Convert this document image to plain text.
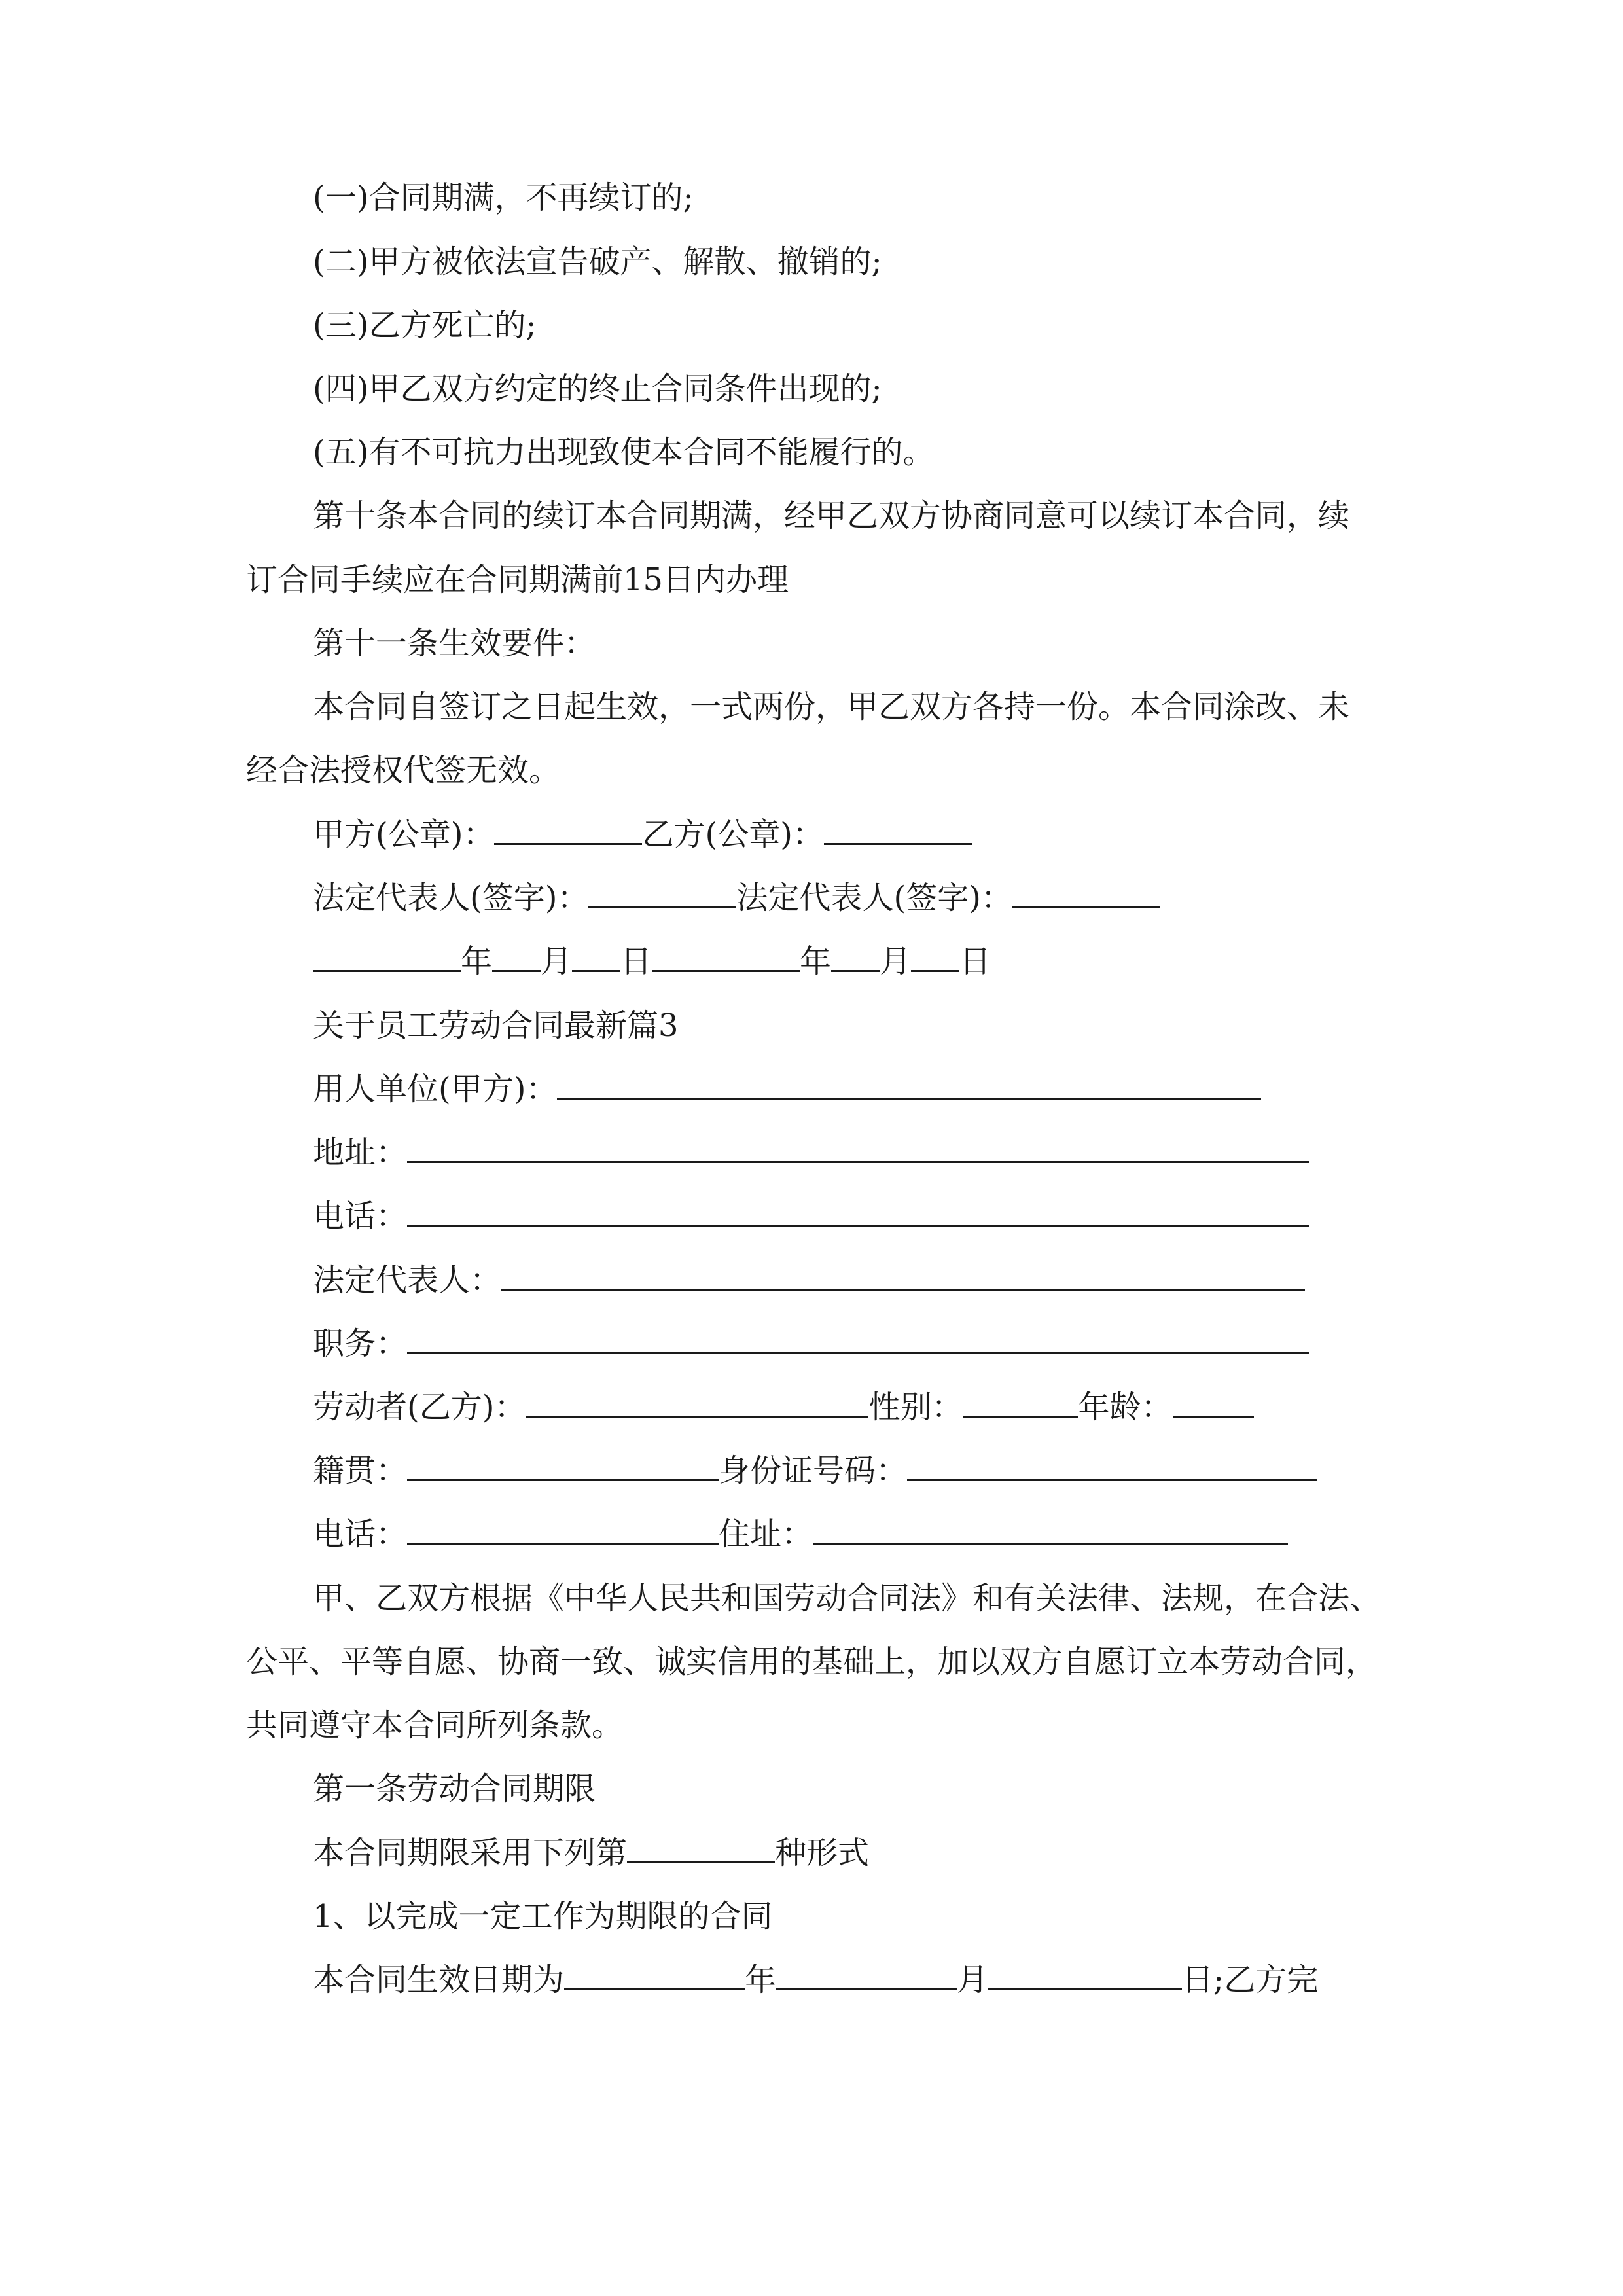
(一)合同期满，不再续订的;
(二)甲方被依法宣告破产、解散、撤销的;
(三)乙方死亡的;
(四)甲乙双方约定的终止合同条件出现的;
(五)有不可抗力出现致使本合同不能履行的。
第十条本合同的续订本合同期满，经甲乙双方协商同意可以续订本合同，续
订合同手续应在合同期满前15日内办理
第十一条生效要件：
本合同自签订之日起生效，一式两份，甲乙双方各持一份。本合同涂改、未
经合法授权代签无效。
甲方(公章)：	乙方(公章)：
法定代表人(签字)：	法定代表人(签字)：
年 月 日	年 月 日
关于员工劳动合同最新篇3
用人单位(甲方)：
地址：
电话：
法定代表人：
职务：
劳动者(乙方)：	性别：	年龄：
籍贯：	身份证号码：
电话：	住址：
甲、乙双方根据《中华人民共和国劳动合同法》和有关法律、法规，在合法、
公平、平等自愿、协商一致、诚实信用的基础上，加以双方自愿订立本劳动合同，
共同遵守本合同所列条款。
第一条劳动合同期限
本合同期限采用下列第	种形式
1、以完成一定工作为期限的合同
本合同生效日期为	年	月	日;乙方完
